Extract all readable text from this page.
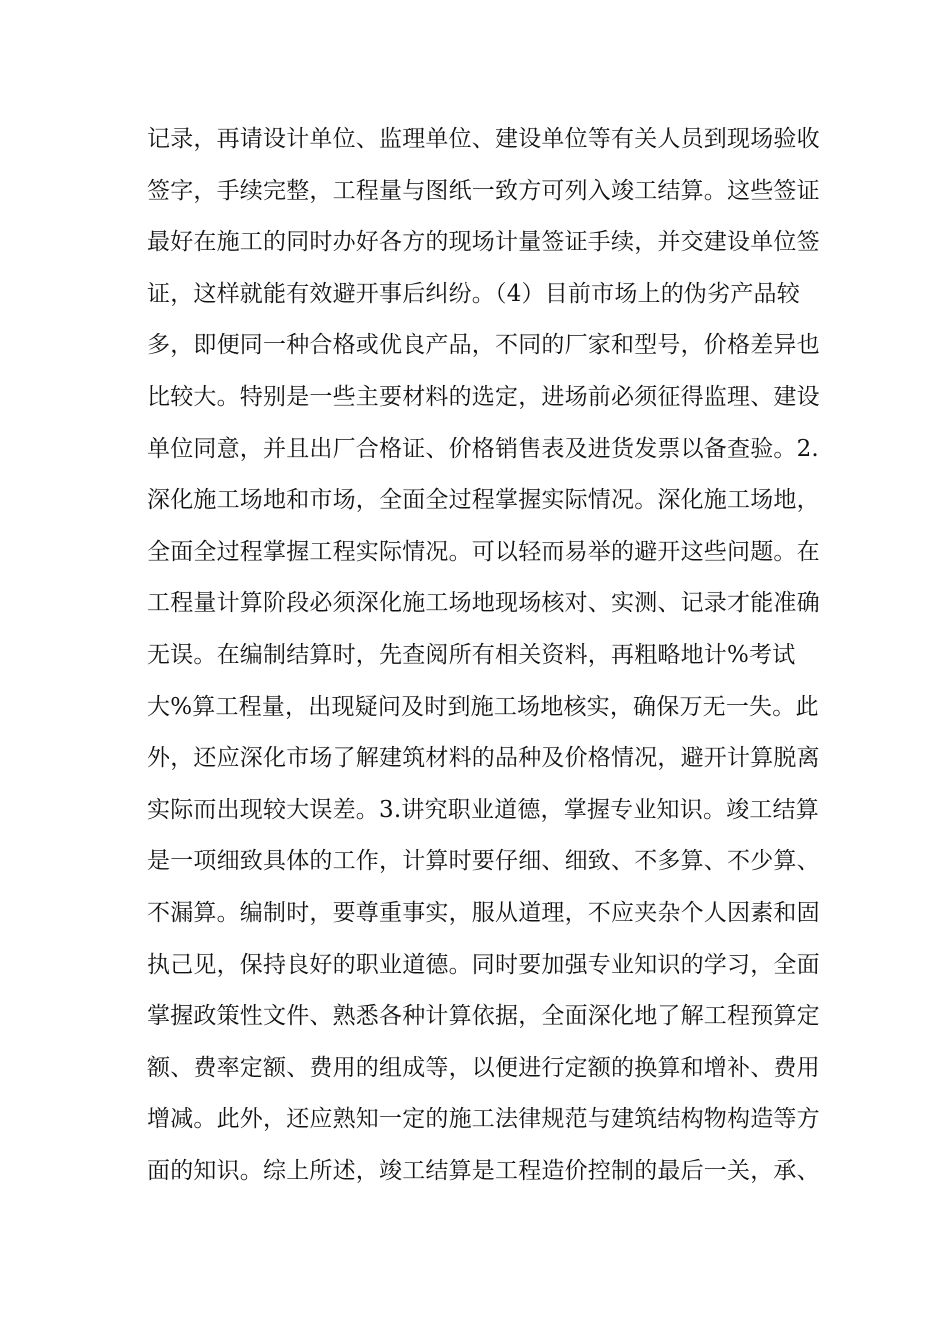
记录，再请设计单位、监理单位、建设单位等有关人员到现场验收
签字，手续完整，工程量与图纸一致方可列入竣工结算。这些签证
最好在施工的同时办好各方的现场计量签证手续，并交建设单位签
证，这样就能有效避开事后纠纷。（4）目前市场上的伪劣产品较
多，即便同一种合格或优良产品，不同的厂家和型号，价格差异也
比较大。特别是一些主要材料的选定，进场前必须征得监理、建设
单位同意，并且出厂合格证、价格销售表及进货发票以备查验。2.
深化施工场地和市场，全面全过程掌握实际情况。深化施工场地，
全面全过程掌握工程实际情况。可以轻而易举的避开这些问题。在
工程量计算阶段必须深化施工场地现场核对、实测、记录才能准确
无误。在编制结算时，先查阅所有相关资料，再粗略地计%考试
大%算工程量，出现疑问及时到施工场地核实，确保万无一失。此
外，还应深化市场了解建筑材料的品种及价格情况，避开计算脱离
实际而出现较大误差。3.讲究职业道德，掌握专业知识。竣工结算
是一项细致具体的工作，计算时要仔细、细致、不多算、不少算、
不漏算。编制时，要尊重事实，服从道理，不应夹杂个人因素和固
执己见，保持良好的职业道德。同时要加强专业知识的学习，全面
掌握政策性文件、熟悉各种计算依据，全面深化地了解工程预算定
额、费率定额、费用的组成等，以便进行定额的换算和增补、费用
增减。此外，还应熟知一定的施工法律规范与建筑结构物构造等方
面的知识。综上所述，竣工结算是工程造价控制的最后一关，承、
